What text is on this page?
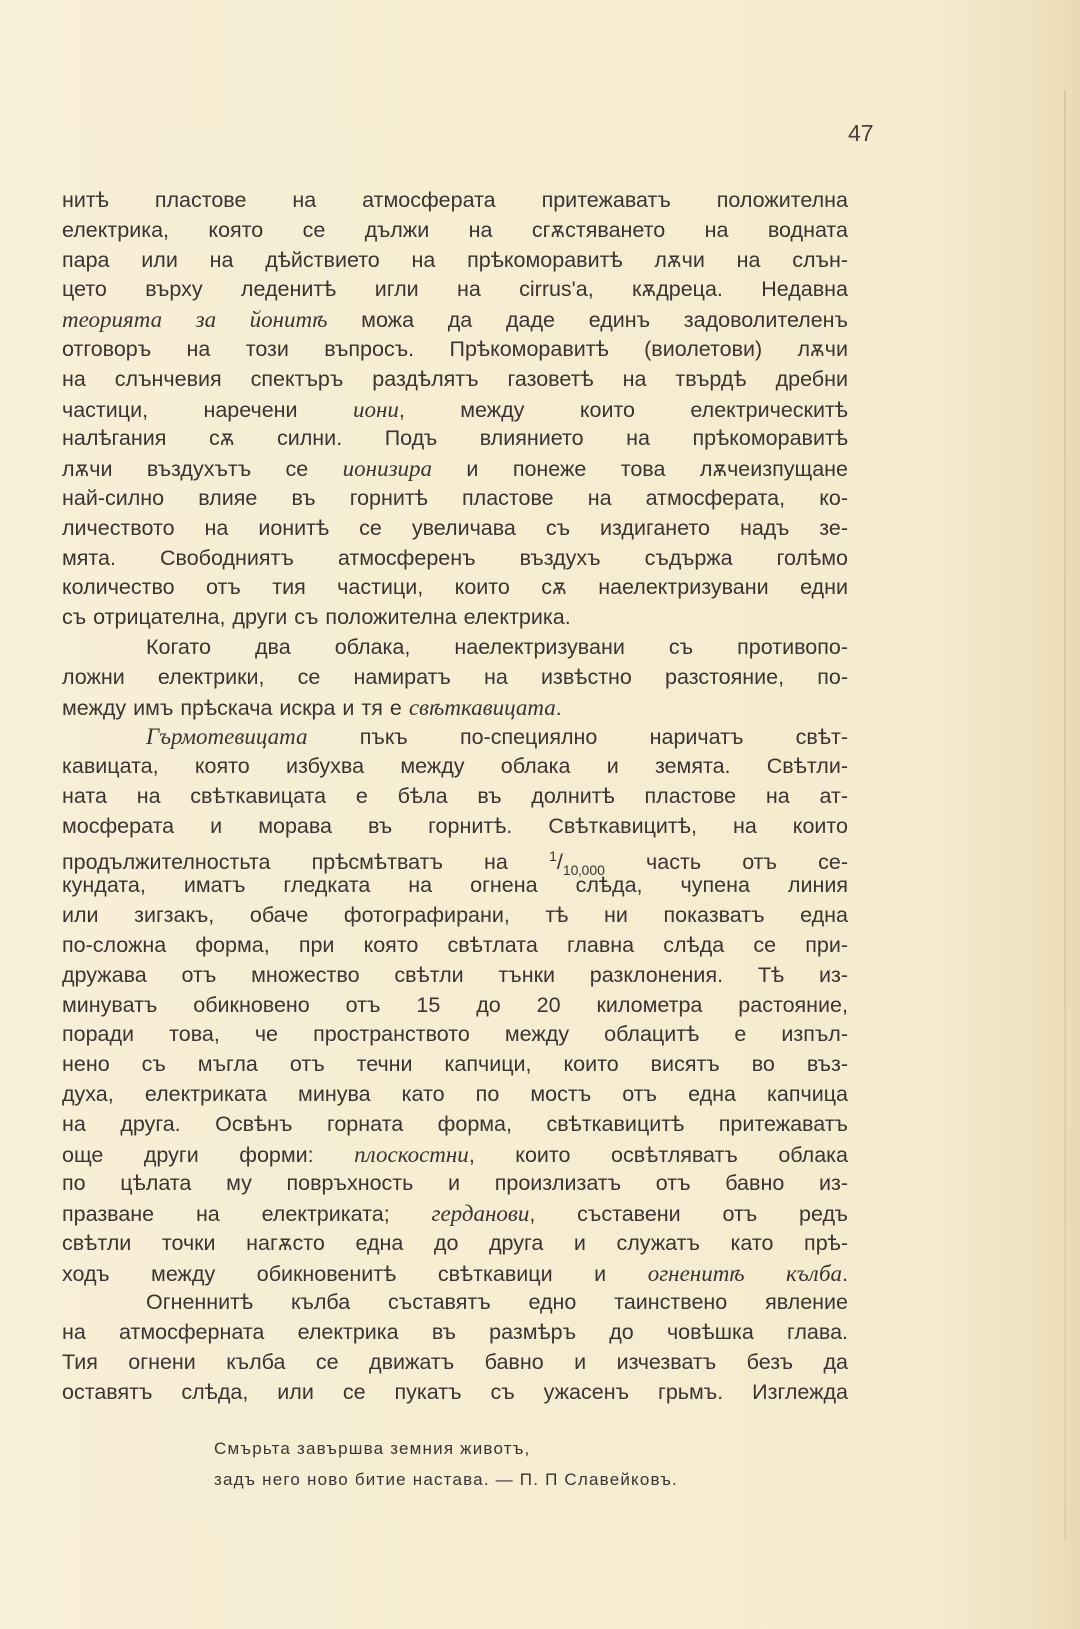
47
нитѣ пластове на атмосферата притежаватъ положителна
електрика, която се дължи на сгѫстяването на водната
пара или на дѣйствието на прѣкоморавитѣ лѫчи на слън-
цето върху леденитѣ игли на cirrus'а, кѫдреца. Недавна
теорията за йонитѣ можа да даде единъ задоволителенъ
отговоръ на този въпросъ. Прѣкоморавитѣ (виолетови) лѫчи
на слънчевия спектъръ раздѣлятъ газоветѣ на твърдѣ дребни
частици, наречени иони, между които електрическитѣ
налѣгания сѫ силни. Подъ влиянието на прѣкоморавитѣ
лѫчи въздухътъ се ионизира и понеже това лѫчеизпущане
най-силно влияе въ горнитѣ пластове на атмосферата, ко-
личеството на ионитѣ се увеличава съ издигането надъ зе-
мята. Свободниятъ атмосференъ въздухъ съдържа голѣмо
количество отъ тия частици, които сѫ наелектризувани едни
съ отрицателна, други съ положителна електрика.
Когато два облака, наелектризувани съ противопо-
ложни електрики, се намиратъ на извѣстно разстояние, по-
между имъ прѣскача искра и тя е свѣткавицата.
Гърмотевицата пъкъ по-специялно наричатъ свѣт-
кавицата, която избухва между облака и земята. Свѣтли-
ната на свѣткавицата е бѣла въ долнитѣ пластове на ат-
мосферата и морава въ горнитѣ. Свѣткавицитѣ, на които
продължителностьта прѣсмѣтватъ на $^1/_{10‚000}$ часть отъ се-
кундата, иматъ гледката на огнена слѣда, чупена линия
или зигзакъ, обаче фотографирани, тѣ ни показватъ една
по-сложна форма, при която свѣтлата главна слѣда се при-
дружава отъ множество свѣтли тънки разклонения. Тѣ из-
минуватъ обикновено отъ 15 до 20 километра растояние,
поради това, че пространството между облацитѣ е изпъл-
нено съ мъгла отъ течни капчици, които висятъ во въз-
духа, електриката минува като по мостъ отъ една капчица
на друга. Освѣнъ горната форма, свѣткавицитѣ притежаватъ
още други форми: плоскостни, които освѣтляватъ облака
по цѣлата му повръхность и произлизатъ отъ бавно из-
празване на електриката; герданови, съставени отъ редъ
свѣтли точки нагѫсто една до друга и служатъ като прѣ-
ходъ между обикновенитѣ свѣткавици и огненитѣ кълба.
Огненнитѣ кълба съставятъ едно таинствено явление
на атмосферната електрика въ размѣръ до човѣшка глава.
Тия огнени кълба се движатъ бавно и изчезватъ безъ да
оставятъ слѣда, или се пукатъ съ ужасенъ грьмъ. Изглежда
Смърьта завършва земния животъ,
задъ него ново битие настава. — П. П Славейковъ.
